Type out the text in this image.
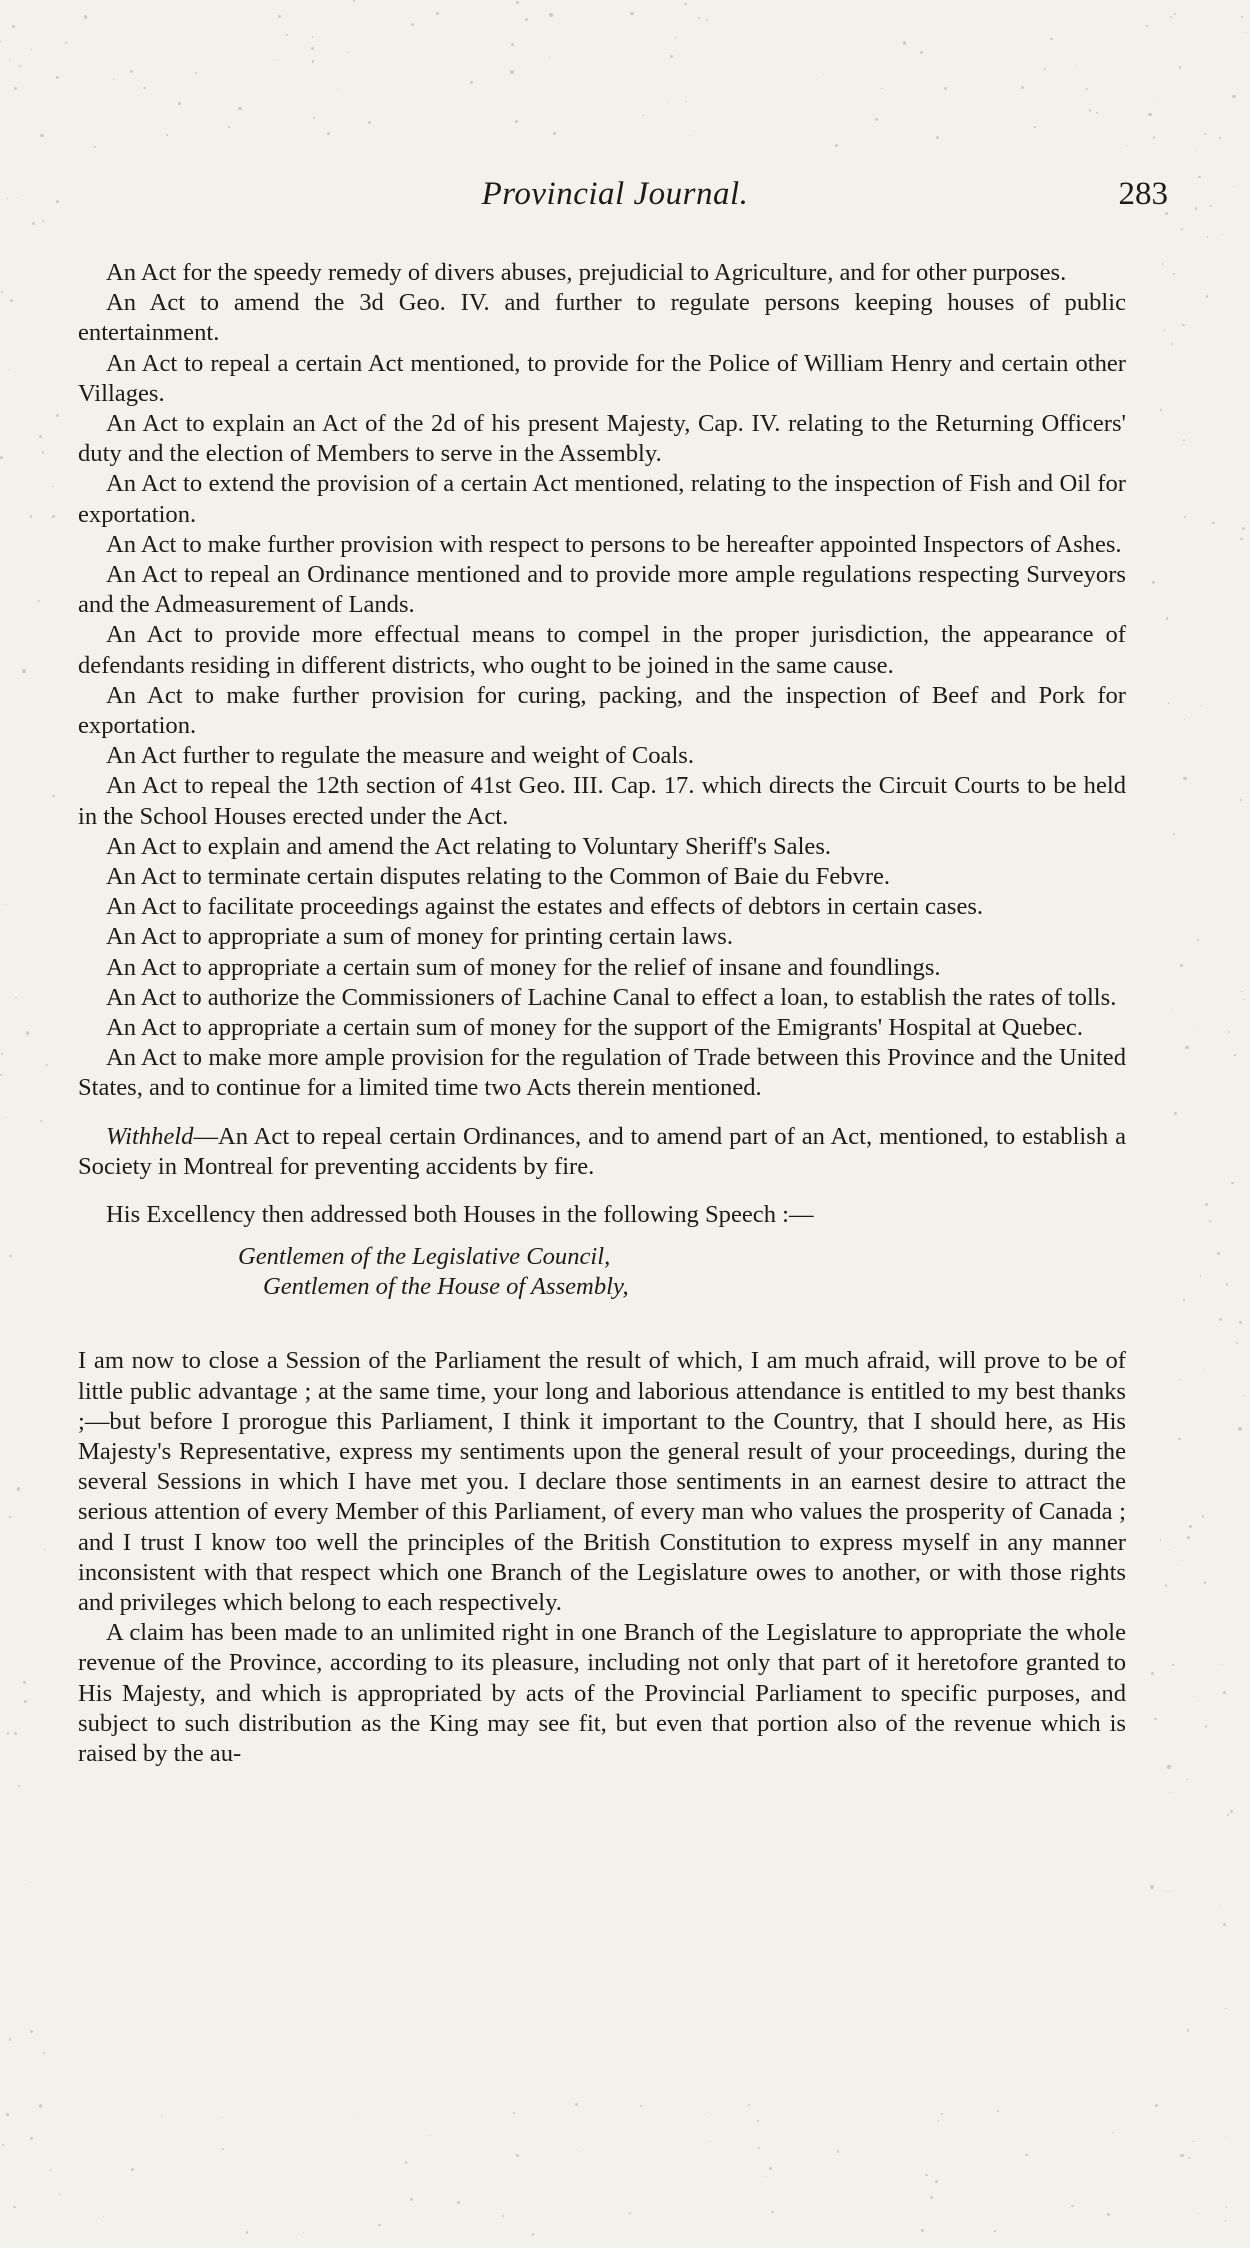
Provincial Journal.	283

An Act for the speedy remedy of divers abuses, prejudicial to Agriculture, and for other purposes.

An Act to amend the 3d Geo. IV. and further to regulate persons keeping houses of public entertainment.

An Act to repeal a certain Act mentioned, to provide for the Police of William Henry and certain other Villages.

An Act to explain an Act of the 2d of his present Majesty, Cap. IV. relating to the Returning Officers' duty and the election of Members to serve in the Assembly.

An Act to extend the provision of a certain Act mentioned, relating to the inspection of Fish and Oil for exportation.

An Act to make further provision with respect to persons to be hereafter appointed Inspectors of Ashes.

An Act to repeal an Ordinance mentioned and to provide more ample regulations respecting Surveyors and the Admeasurement of Lands.

An Act to provide more effectual means to compel in the proper jurisdiction, the appearance of defendants residing in different districts, who ought to be joined in the same cause.

An Act to make further provision for curing, packing, and the inspection of Beef and Pork for exportation.

An Act further to regulate the measure and weight of Coals.

An Act to repeal the 12th section of 41st Geo. III. Cap. 17. which directs the Circuit Courts to be held in the School Houses erected under the Act.

An Act to explain and amend the Act relating to Voluntary Sheriff's Sales.

An Act to terminate certain disputes relating to the Common of Baie du Febvre.

An Act to facilitate proceedings against the estates and effects of debtors in certain cases.

An Act to appropriate a sum of money for printing certain laws.

An Act to appropriate a certain sum of money for the relief of insane and foundlings.

An Act to authorize the Commissioners of Lachine Canal to effect a loan, to establish the rates of tolls.

An Act to appropriate a certain sum of money for the support of the Emigrants' Hospital at Quebec.

An Act to make more ample provision for the regulation of Trade between this Province and the United States, and to continue for a limited time two Acts therein mentioned.

Withheld—An Act to repeal certain Ordinances, and to amend part of an Act, mentioned, to establish a Society in Montreal for preventing accidents by fire.

His Excellency then addressed both Houses in the following Speech :—

Gentlemen of the Legislative Council,
Gentlemen of the House of Assembly,

I am now to close a Session of the Parliament the result of which, I am much afraid, will prove to be of little public advantage ; at the same time, your long and laborious attendance is entitled to my best thanks ;—but before I prorogue this Parliament, I think it important to the Country, that I should here, as His Majesty's Representative, express my sentiments upon the general result of your proceedings, during the several Sessions in which I have met you. I declare those sentiments in an earnest desire to attract the serious attention of every Member of this Parliament, of every man who values the prosperity of Canada ; and I trust I know too well the principles of the British Constitution to express myself in any manner inconsistent with that respect which one Branch of the Legislature owes to another, or with those rights and privileges which belong to each respectively.

A claim has been made to an unlimited right in one Branch of the Legislature to appropriate the whole revenue of the Province, according to its pleasure, including not only that part of it heretofore granted to His Majesty, and which is appropriated by acts of the Provincial Parliament to specific purposes, and subject to such distribution as the King may see fit, but even that portion also of the revenue which is raised by the au-
